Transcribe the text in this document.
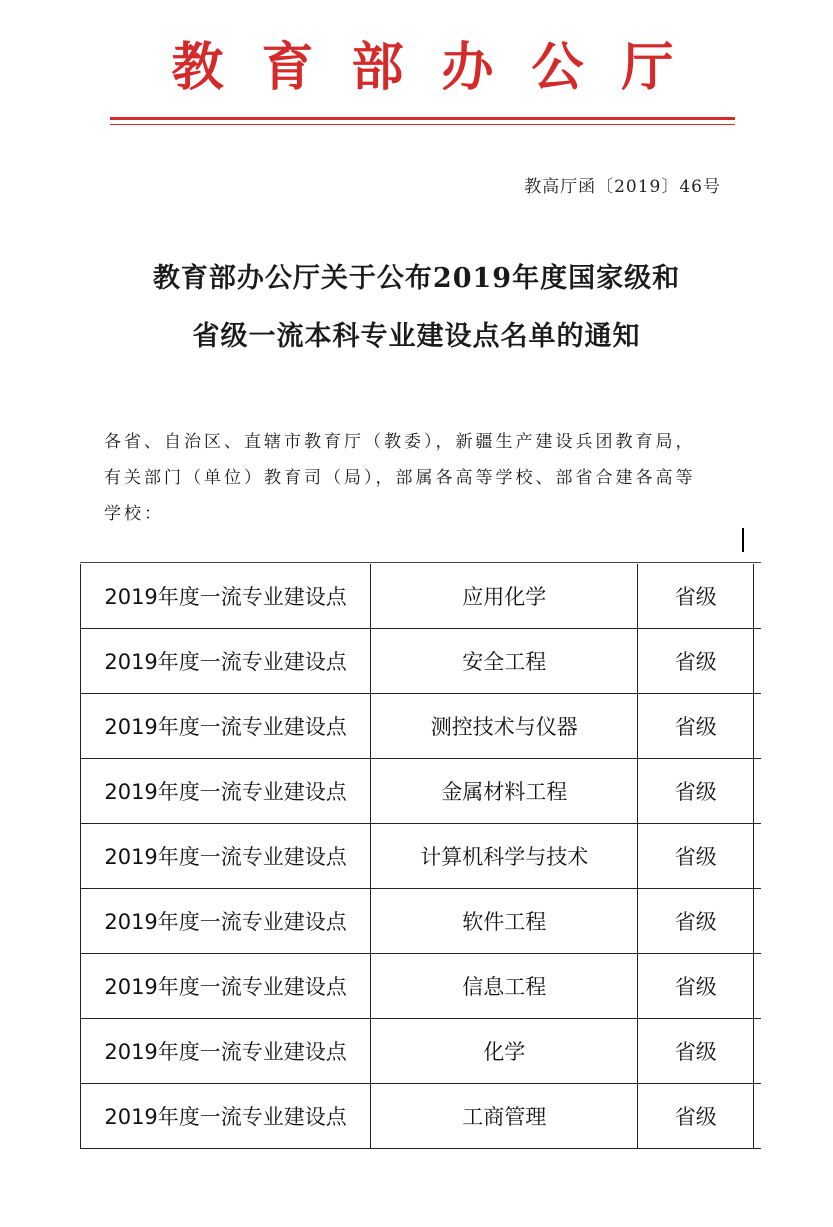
教育部办公厅
教高厅函〔2019〕46号
教育部办公厅关于公布2019年度国家级和
省级一流本科专业建设点名单的通知

各省、自治区、直辖市教育厅（教委），新疆生产建设兵团教育局，

有关部门（单位）教育司（局），部属各高等学校、部省合建各高等

学校：

2019年度一流专业建设点	应用化学	省级	
2019年度一流专业建设点	安全工程	省级	
2019年度一流专业建设点	测控技术与仪器	省级	
2019年度一流专业建设点	金属材料工程	省级	
2019年度一流专业建设点	计算机科学与技术	省级	
2019年度一流专业建设点	软件工程	省级	
2019年度一流专业建设点	信息工程	省级	
2019年度一流专业建设点	化学	省级	
2019年度一流专业建设点	工商管理	省级	
